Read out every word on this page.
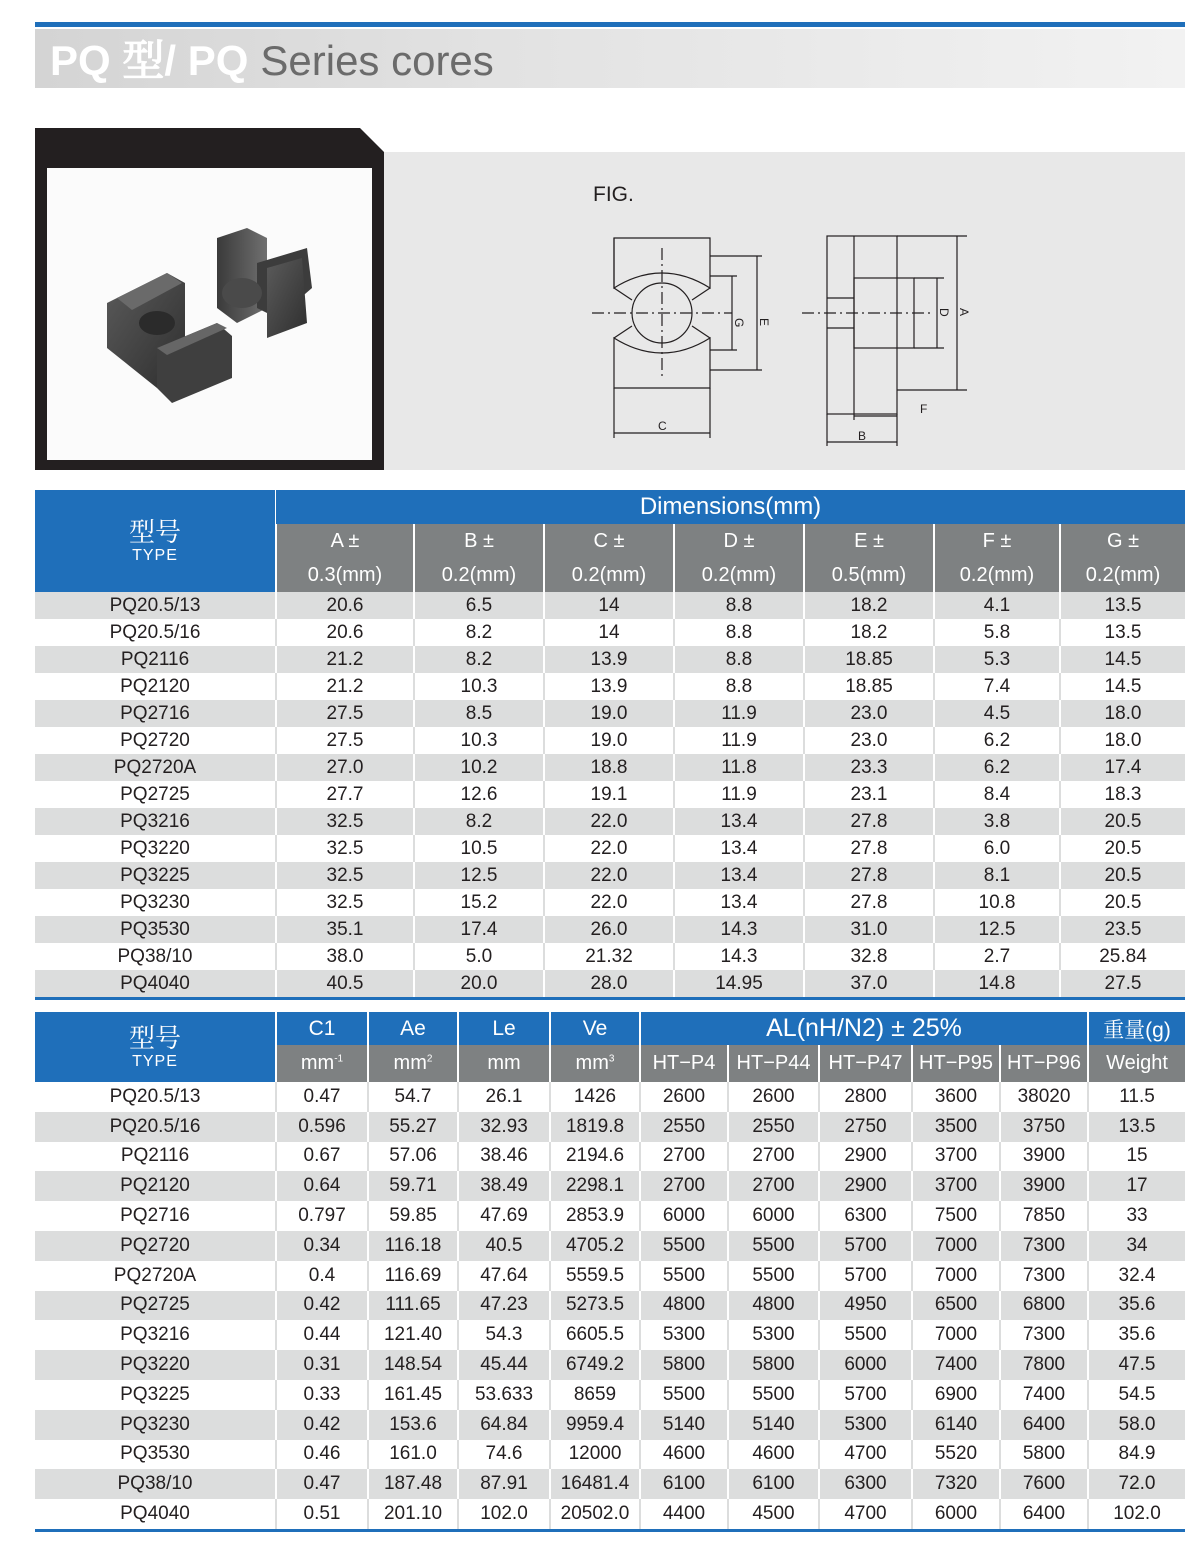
PQ 型/ PQ Series cores
FIG.
G E
D A
F
B
C
型号
TYPE	Dimensions(mm)						
	A ±	B ±	C ±	D ±	E ±	F ±	G ±
	0.3(mm)	0.2(mm)	0.2(mm)	0.2(mm)	0.5(mm)	0.2(mm)	0.2(mm)
PQ20.5/13	20.6	6.5	14	8.8	18.2	4.1	13.5
PQ20.5/16	20.6	8.2	14	8.8	18.2	5.8	13.5
PQ2116	21.2	8.2	13.9	8.8	18.85	5.3	14.5
PQ2120	21.2	10.3	13.9	8.8	18.85	7.4	14.5
PQ2716	27.5	8.5	19.0	11.9	23.0	4.5	18.0
PQ2720	27.5	10.3	19.0	11.9	23.0	6.2	18.0
PQ2720A	27.0	10.2	18.8	11.8	23.3	6.2	17.4
PQ2725	27.7	12.6	19.1	11.9	23.1	8.4	18.3
PQ3216	32.5	8.2	22.0	13.4	27.8	3.8	20.5
PQ3220	32.5	10.5	22.0	13.4	27.8	6.0	20.5
PQ3225	32.5	12.5	22.0	13.4	27.8	8.1	20.5
PQ3230	32.5	15.2	22.0	13.4	27.8	10.8	20.5
PQ3530	35.1	17.4	26.0	14.3	31.0	12.5	23.5
PQ38/10	38.0	5.0	21.32	14.3	32.8	2.7	25.84
PQ4040	40.5	20.0	28.0	14.95	37.0	14.8	27.5
型号
TYPE	C1	Ae	Le	Ve	AL(nH/N2) ± 25%					重量(g)
	$mm^{-1}$	$mm^2$	mm	$mm^3$	HT−P4	HT−P44	HT−P47	HT−P95	HT−P96	Weight
PQ20.5/13	0.47	54.7	26.1	1426	2600	2600	2800	3600	38020	11.5
PQ20.5/16	0.596	55.27	32.93	1819.8	2550	2550	2750	3500	3750	13.5
PQ2116	0.67	57.06	38.46	2194.6	2700	2700	2900	3700	3900	15
PQ2120	0.64	59.71	38.49	2298.1	2700	2700	2900	3700	3900	17
PQ2716	0.797	59.85	47.69	2853.9	6000	6000	6300	7500	7850	33
PQ2720	0.34	116.18	40.5	4705.2	5500	5500	5700	7000	7300	34
PQ2720A	0.4	116.69	47.64	5559.5	5500	5500	5700	7000	7300	32.4
PQ2725	0.42	111.65	47.23	5273.5	4800	4800	4950	6500	6800	35.6
PQ3216	0.44	121.40	54.3	6605.5	5300	5300	5500	7000	7300	35.6
PQ3220	0.31	148.54	45.44	6749.2	5800	5800	6000	7400	7800	47.5
PQ3225	0.33	161.45	53.633	8659	5500	5500	5700	6900	7400	54.5
PQ3230	0.42	153.6	64.84	9959.4	5140	5140	5300	6140	6400	58.0
PQ3530	0.46	161.0	74.6	12000	4600	4600	4700	5520	5800	84.9
PQ38/10	0.47	187.48	87.91	16481.4	6100	6100	6300	7320	7600	72.0
PQ4040	0.51	201.10	102.0	20502.0	4400	4500	4700	6000	6400	102.0
